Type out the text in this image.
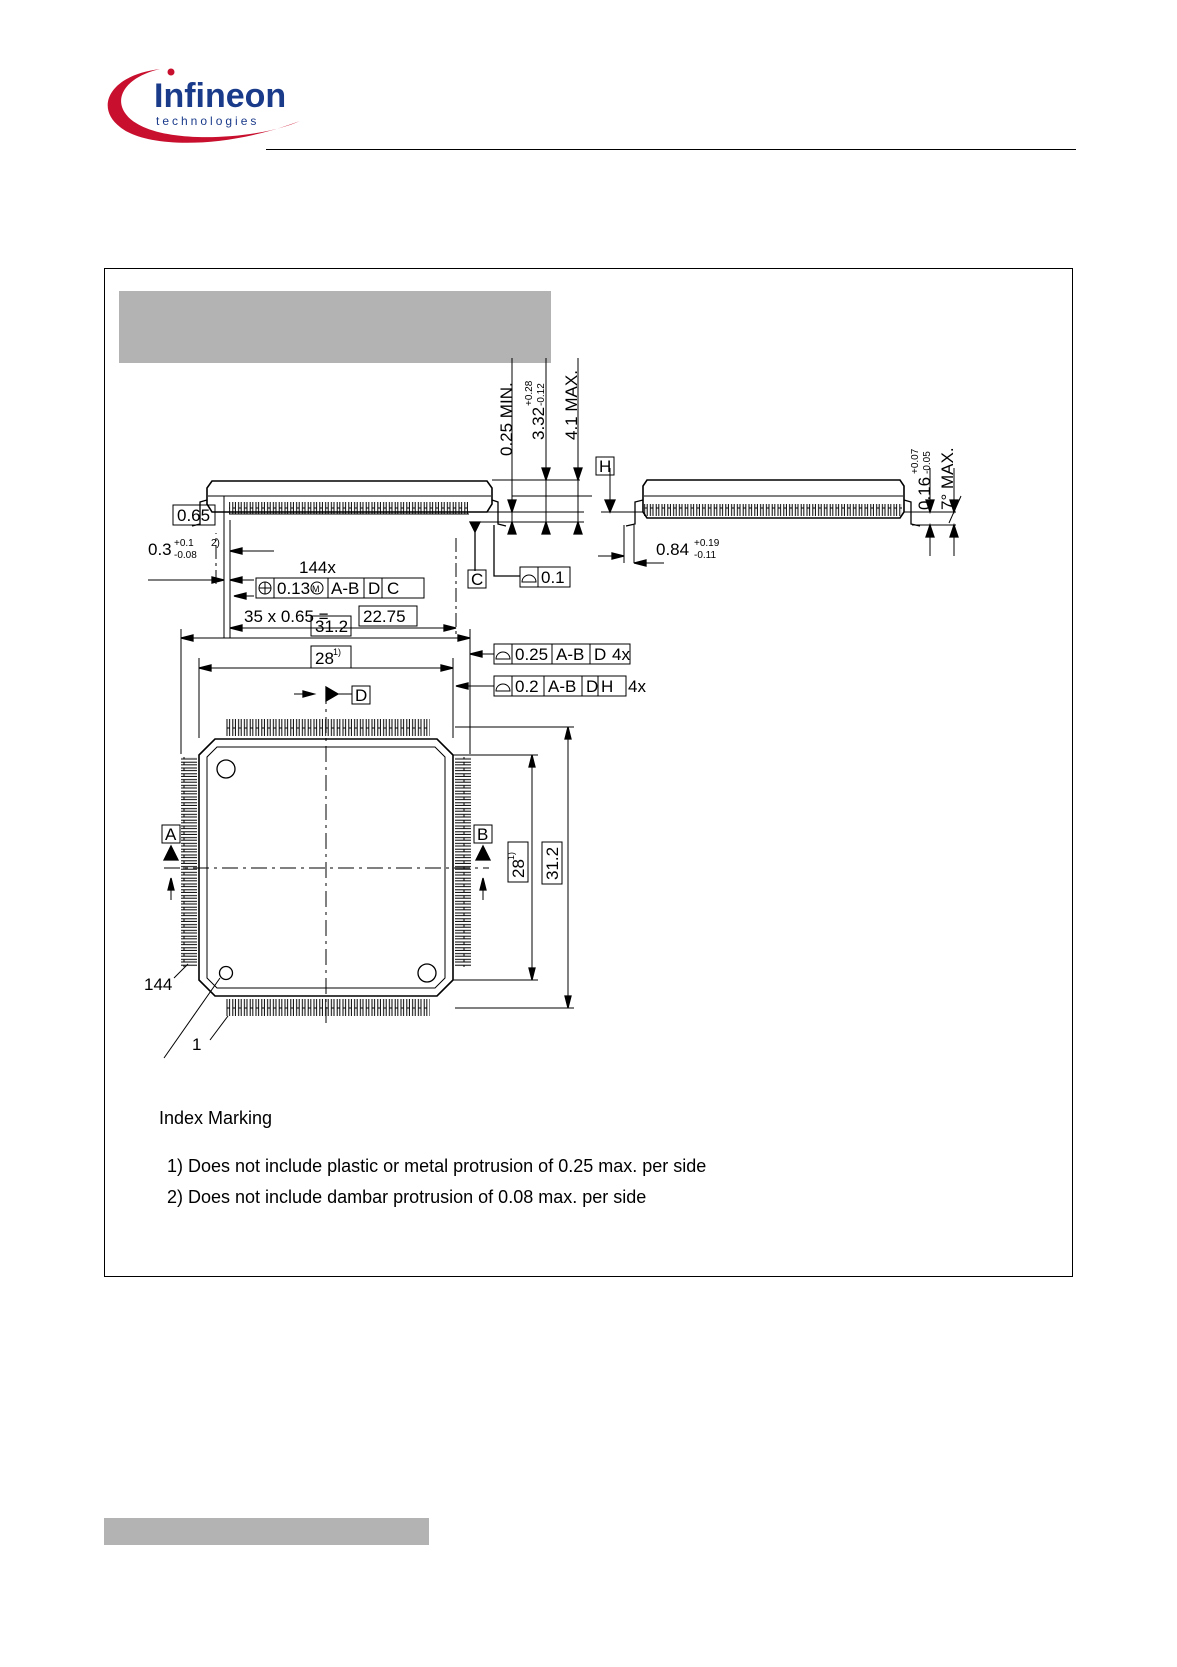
Infineon
technologies
0.25 MIN. 3.32
+0.28 -0.12 4.1 MAX.
H
C	0.1
0.65
0.3 +0.1
-0.08
2)
144x
0.13 M A-B D C
35 x 0.65 = 22.75
0.84 +0.19
-0.11
0.16
+0.07 -0.05 7° MAX.
31.2
28 1)	0.25 A-B D 4x
0.2 A-B D H 4x
D
A	B
28
1) 31.2
144
1
Index Marking
1) Does not include plastic or metal protrusion of 0.25 max. per side
2) Does not include dambar protrusion of 0.08 max. per side
